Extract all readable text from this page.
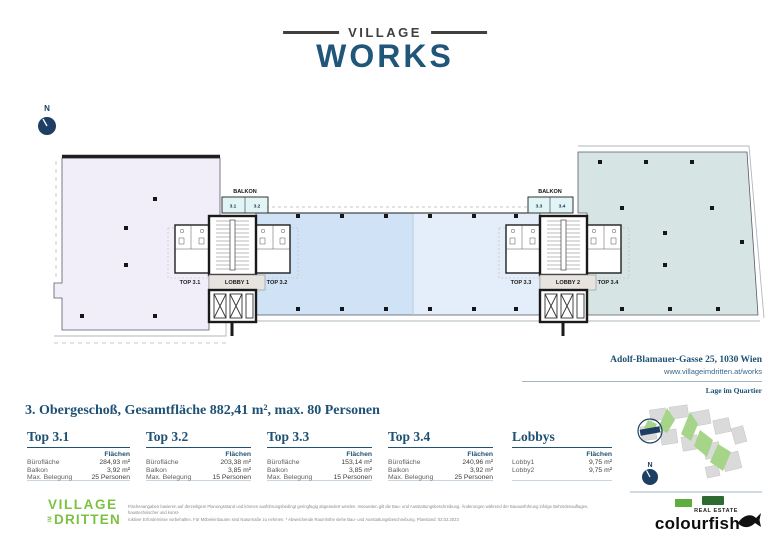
VILLAGE
WORKS
N
BALKON
3.1	3.2
BALKON
3.3	3.4
TOP 3.1	LOBBY 1	TOP 3.2	TOP 3.3	LOBBY 2	TOP 3.4
Adolf-Blamauer-Gasse 25, 1030 Wien
www.villageimdritten.at/works
Lage im Quartier
N
3. Obergeschoß, Gesamtfläche 882,41 m², max. 80 Personen
Top 3.1
Flächen
Bürofläche	284,93 m²
Balkon	3,92 m²
Max. Belegung	25 Personen
Top 3.2
Flächen
Bürofläche	203,38 m²
Balkon	3,85 m²
Max. Belegung	15 Personen
Top 3.3
Flächen
Bürofläche	153,14 m²
Balkon	3,85 m²
Max. Belegung	15 Personen
Top 3.4
Flächen
Bürofläche	240,96 m²
Balkon	3,92 m²
Max. Belegung	25 Personen
Lobbys
Flächen
Lobby1	9,75 m²
Lobby2	9,75 m²
VILLAGE
IM DRITTEN
Flächenangaben basieren auf derzeitigem Planungsstand und können ausführungsbedingt geringfügig abgeändert werden. Insoweiten gilt die Bau- und Ausstattungsbeschreibung. Änderungen während der Bauausführung infolge Behördenauflagen, haustechnischer und konst-
ruktiver Erfordernisse vorbehalten. Für Möbeleinbauten sind Naturmaße zu nehmen. * Abweichende Raumhöhe siehe Bau- und Ausstattungsbeschreibung. Planstand: 03.02.2023
REAL ESTATE
colourfish
